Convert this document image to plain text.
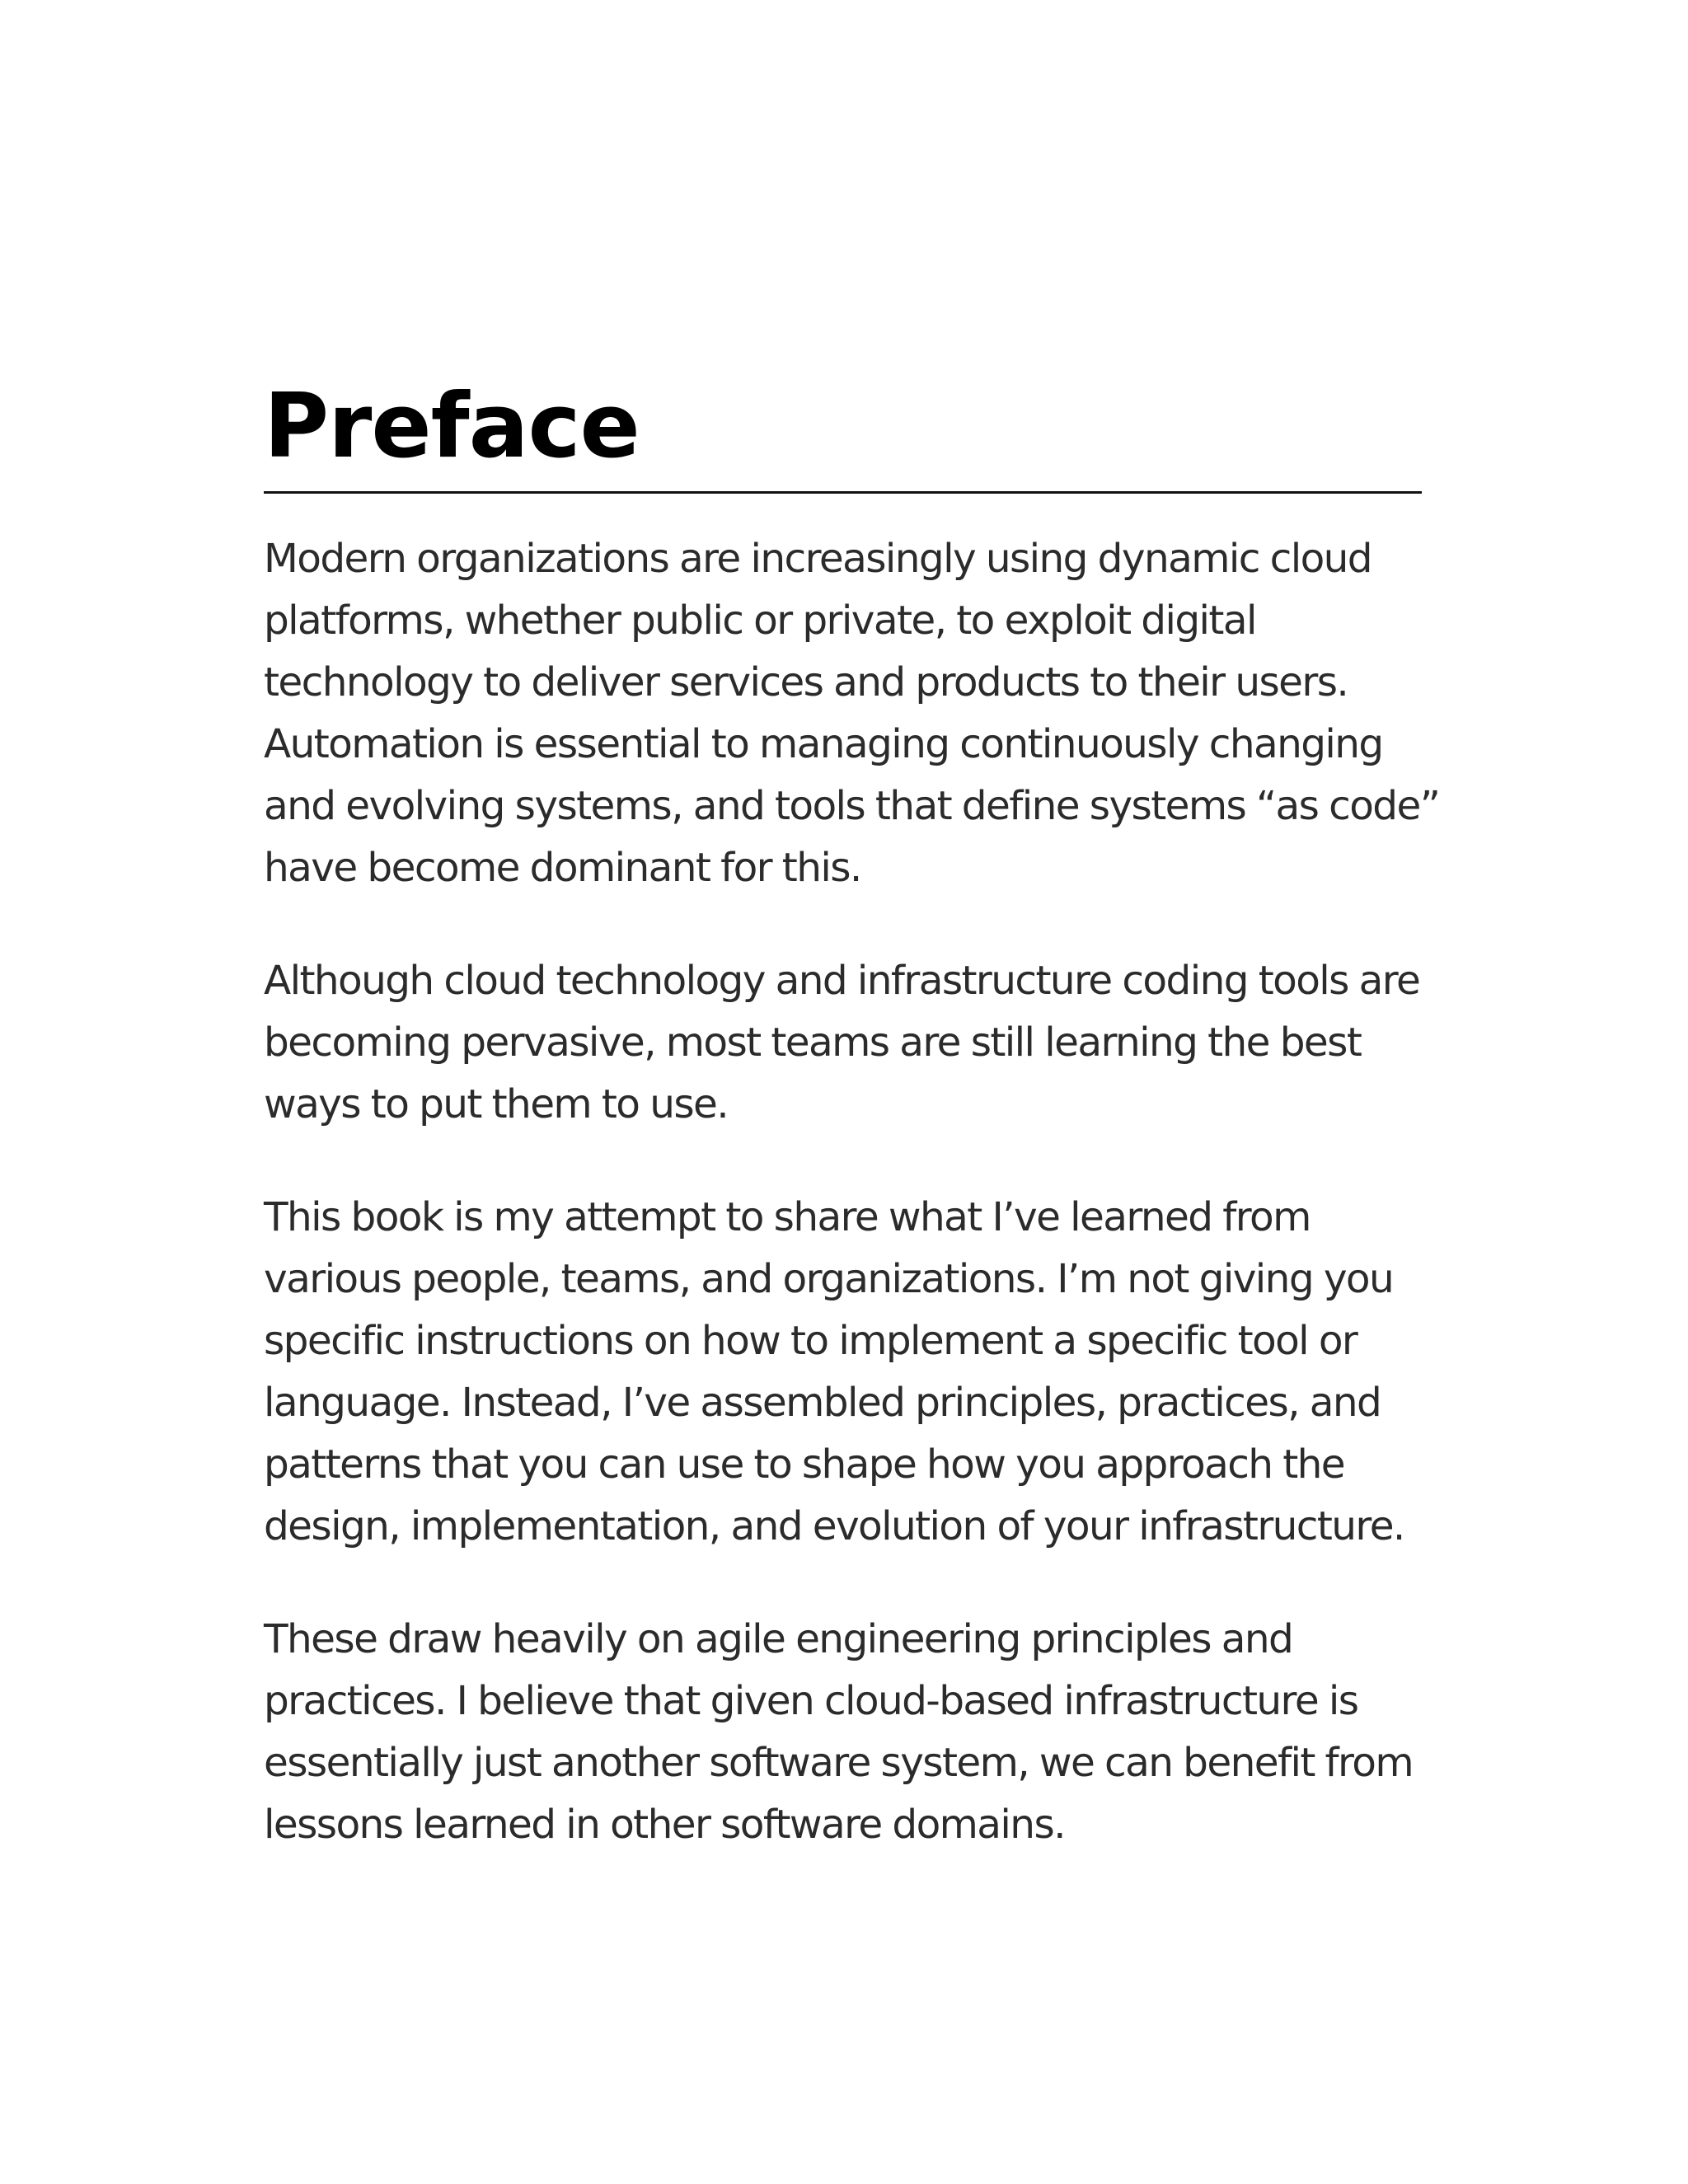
Preface

Modern organizations are increasingly using dynamic cloud
platforms, whether public or private, to exploit digital
technology to deliver services and products to their users.
Automation is essential to managing continuously changing
and evolving systems, and tools that define systems “as code”
have become dominant for this.

Although cloud technology and infrastructure coding tools are
becoming pervasive, most teams are still learning the best
ways to put them to use.

This book is my attempt to share what I’ve learned from
various people, teams, and organizations. I’m not giving you
specific instructions on how to implement a specific tool or
language. Instead, I’ve assembled principles, practices, and
patterns that you can use to shape how you approach the
design, implementation, and evolution of your infrastructure.

These draw heavily on agile engineering principles and
practices. I believe that given cloud-based infrastructure is
essentially just another software system, we can benefit from
lessons learned in other software domains.
